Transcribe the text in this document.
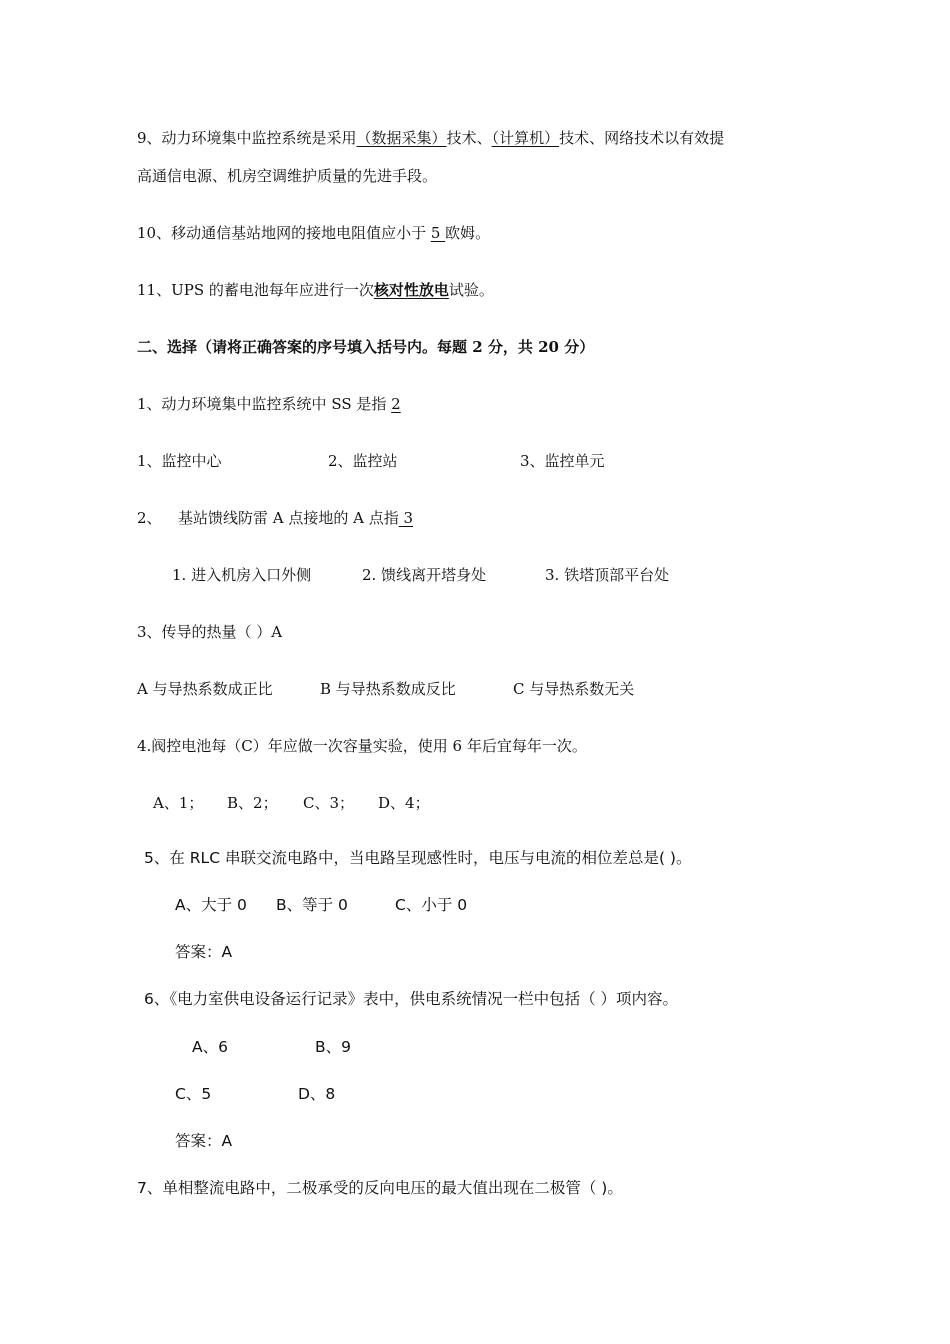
9、动力环境集中监控系统是采用（数据采集）技术、（计算机）技术、网络技术以有效提
高通信电源、机房空调维护质量的先进手段。
10、移动通信基站地网的接地电阻值应小于 5 欧姆。
11、UPS 的蓄电池每年应进行一次核对性放电试验。
二、选择（请将正确答案的序号填入括号内。每题 2 分，共 20 分）
1、动力环境集中监控系统中 SS 是指 2
1、监控中心	2、监控站	3、监控单元
2、 基站馈线防雷 A 点接地的 A 点指 3
1. 进入机房入口外侧	2. 馈线离开塔身处	3. 铁塔顶部平台处
3、传导的热量（ ）A
A 与导热系数成正比	B 与导热系数成反比	C 与导热系数无关
4.阀控电池每（C）年应做一次容量实验，使用 6 年后宜每年一次。
A、1； B、2； C、3； D、4；
5、在 RLC 串联交流电路中，当电路呈现感性时，电压与电流的相位差总是( )。
A、大于 0 B、等于 0	C、小于 0
答案：A
6、《电力室供电设备运行记录》表中，供电系统情况一栏中包括（ ）项内容。
A、6	B、9
C、5	D、8
答案：A
7、单相整流电路中，二极承受的反向电压的最大值出现在二极管（ )。
